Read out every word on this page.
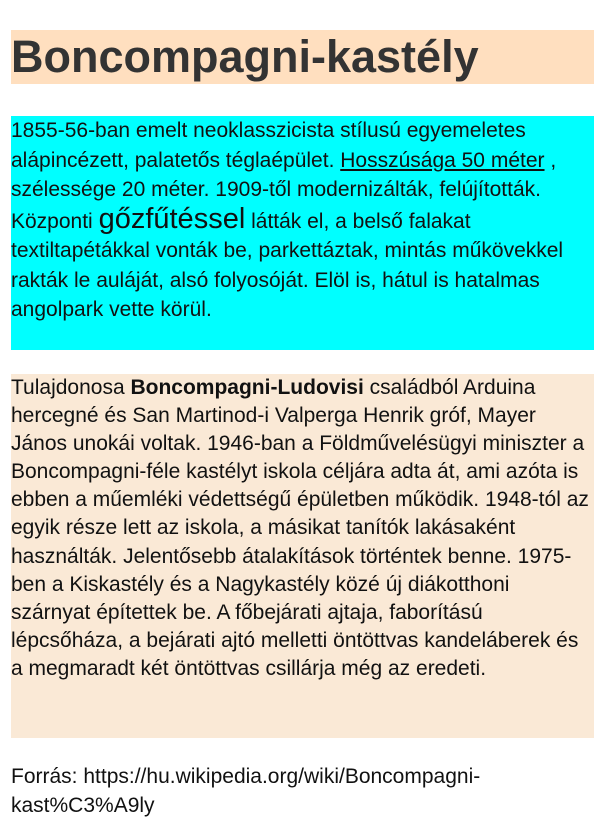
Boncompagni-kastély

1855-56-ban emelt neoklasszicista stílusú egyemeletes alápincézett, palatetős téglaépület. Hosszúsága 50 méter , szélessége 20 méter. 1909-től modernizálták, felújították. Központi gőzfűtéssel látták el, a belső falakat textiltapétákkal vonták be, parkettáztak, mintás műkövekkel rakták le auláját, alsó folyosóját. Elöl is, hátul is hatalmas angolpark vette körül.

Tulajdonosa Boncompagni-Ludovisi családból Arduina hercegné és San Martinod-i Valperga Henrik gróf, Mayer János unokái voltak. 1946-ban a Földművelésügyi miniszter a Boncompagni-féle kastélyt iskola céljára adta át, ami azóta is ebben a műemléki védettségű épületben működik. 1948-tól az egyik része lett az iskola, a másikat tanítók lakásaként használták. Jelentősebb átalakítások történtek benne. 1975-ben a Kiskastély és a Nagykastély közé új diákotthoni szárnyat építettek be. A főbejárati ajtaja, faborítású lépcsőháza, a bejárati ajtó melletti öntöttvas kandeláberek és a megmaradt két öntöttvas csillárja még az eredeti.

Forrás: https://hu.wikipedia.org/wiki/Boncompagni-kast%C3%A9ly
